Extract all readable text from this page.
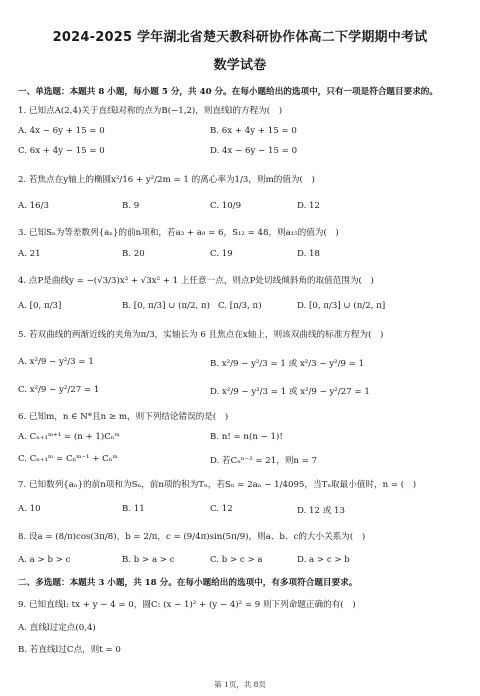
2024-2025 学年湖北省楚天教科研协作体高二下学期期中考试
数学试卷
一、单选题：本题共 8 小题，每小题 5 分，共 40 分。在每小题给出的选项中，只有一项是符合题目要求的。
1. 已知点A(2,4)关于直线l对称的点为B(−1,2)，则直线l的方程为(　)
A. 4x − 6y + 15 = 0	B. 6x + 4y + 15 = 0
C. 6x + 4y − 15 = 0	D. 4x − 6y − 15 = 0
2. 若焦点在y轴上的椭圆x²/16 + y²/2m = 1 的离心率为1/3，则m的值为(　)
A. 16/3	B. 9	C. 10/9	D. 12
3. 已知Sₙ为等差数列{aₙ}的前n项和，若a₃ + a₉ = 6，S₁₂ = 48，则a₁₅的值为(　)
A. 21	B. 20	C. 19	D. 18
4. 点P是曲线y = −(√3/3)x³ + √3x² + 1 上任意一点，则点P处切线倾斜角的取值范围为(　)
A. [0, π/3]	B. [0, π/3] ∪ (π/2, π) C. [π/3, π)	D. [0, π/3] ∪ (π/2, π]
5. 若双曲线的两渐近线的夹角为π/3，实轴长为 6 且焦点在x轴上，则该双曲线的标准方程为(　)
A. x²/9 − y²/3 = 1	B. x²/9 − y²/3 = 1 或 x²/3 − y²/9 = 1
C. x²/9 − y²/27 = 1	D. x²/9 − y²/3 = 1 或 x²/9 − y²/27 = 1
6. 已知m，n ∈ N*且n ≥ m，则下列结论错误的是(　)
A. Cₙ₊₁ᵐ⁺¹ = (n + 1)Cₙᵐ	B. n! = n(n − 1)!
C. Cₙ₊₁ᵐ = Cₙᵐ⁻¹ + Cₙᵐ	D. 若Cₙⁿ⁻² = 21，则n = 7
7. 已知数列{aₙ}的前n项和为Sₙ，前n项的积为Tₙ，若Sₙ = 2aₙ − 1/4095，当Tₙ取最小值时，n = (　)
A. 10	B. 11	C. 12	D. 12 或 13
8. 设a = (8/π)cos(3π/8)，b = 2/π，c = (9/4π)sin(5π/9)，则a、b、c的大小关系为(　)
A. a > b > c	B. b > a > c	C. b > c > a	D. a > c > b
二、多选题：本题共 3 小题，共 18 分。在每小题给出的选项中，有多项符合题目要求。
9. 已知直线l: tx + y − 4 = 0，圆C: (x − 1)² + (y − 4)² = 9 则下列命题正确的有(　)
A. 直线l过定点(0,4)
B. 若直线l过C点，则t = 0
第 1页，共 8页
